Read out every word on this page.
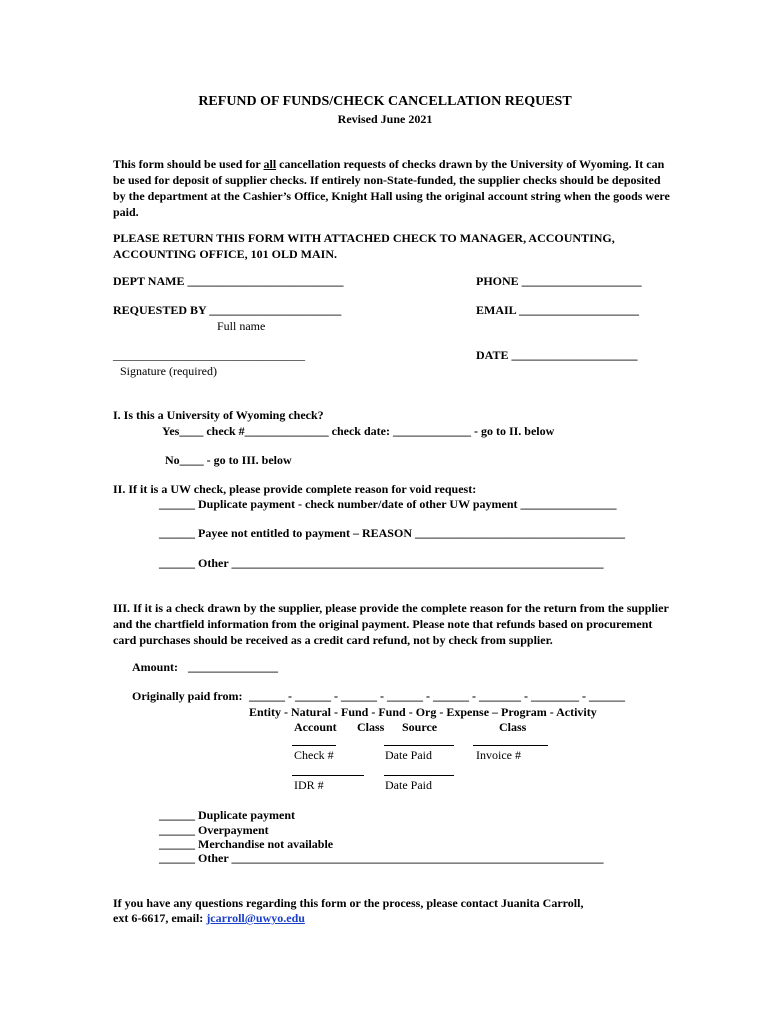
REFUND OF FUNDS/CHECK CANCELLATION REQUEST
Revised June 2021
This form should be used for all cancellation requests of checks drawn by the University of Wyoming. It can be used for deposit of supplier checks. If entirely non-State-funded, the supplier checks should be deposited by the department at the Cashier’s Office, Knight Hall using the original account string when the goods were paid.
PLEASE RETURN THIS FORM WITH ATTACHED CHECK TO MANAGER, ACCOUNTING, ACCOUNTING OFFICE, 101 OLD MAIN.
DEPT NAME __________________________	PHONE ____________________
REQUESTED BY ______________________	EMAIL ____________________
Full name
________________________________	DATE _____________________
Signature (required)
I. Is this a University of Wyoming check?
Yes____ check #______________ check date: _____________ - go to II. below
No____ - go to III. below
II. If it is a UW check, please provide complete reason for void request:
______ Duplicate payment - check number/date of other UW payment ________________
______ Payee not entitled to payment – REASON ___________________________________
______ Other ______________________________________________________________
III. If it is a check drawn by the supplier, please provide the complete reason for the return from the supplier and the chartfield information from the original payment. Please note that refunds based on procurement card purchases should be received as a credit card refund, not by check from supplier.
Amount: _______________
Originally paid from: ______ - ______ - ______ - ______ - ______ - _______ - ________ - ______
Entity - Natural - Fund - Fund - Org - Expense – Program - Activity
Account Class Source	Class
Check #	Date Paid	Invoice #
IDR #	Date Paid
______ Duplicate payment
______ Overpayment
______ Merchandise not available
______ Other ______________________________________________________________
If you have any questions regarding this form or the process, please contact Juanita Carroll,
ext 6-6617, email: jcarroll@uwyo.edu
